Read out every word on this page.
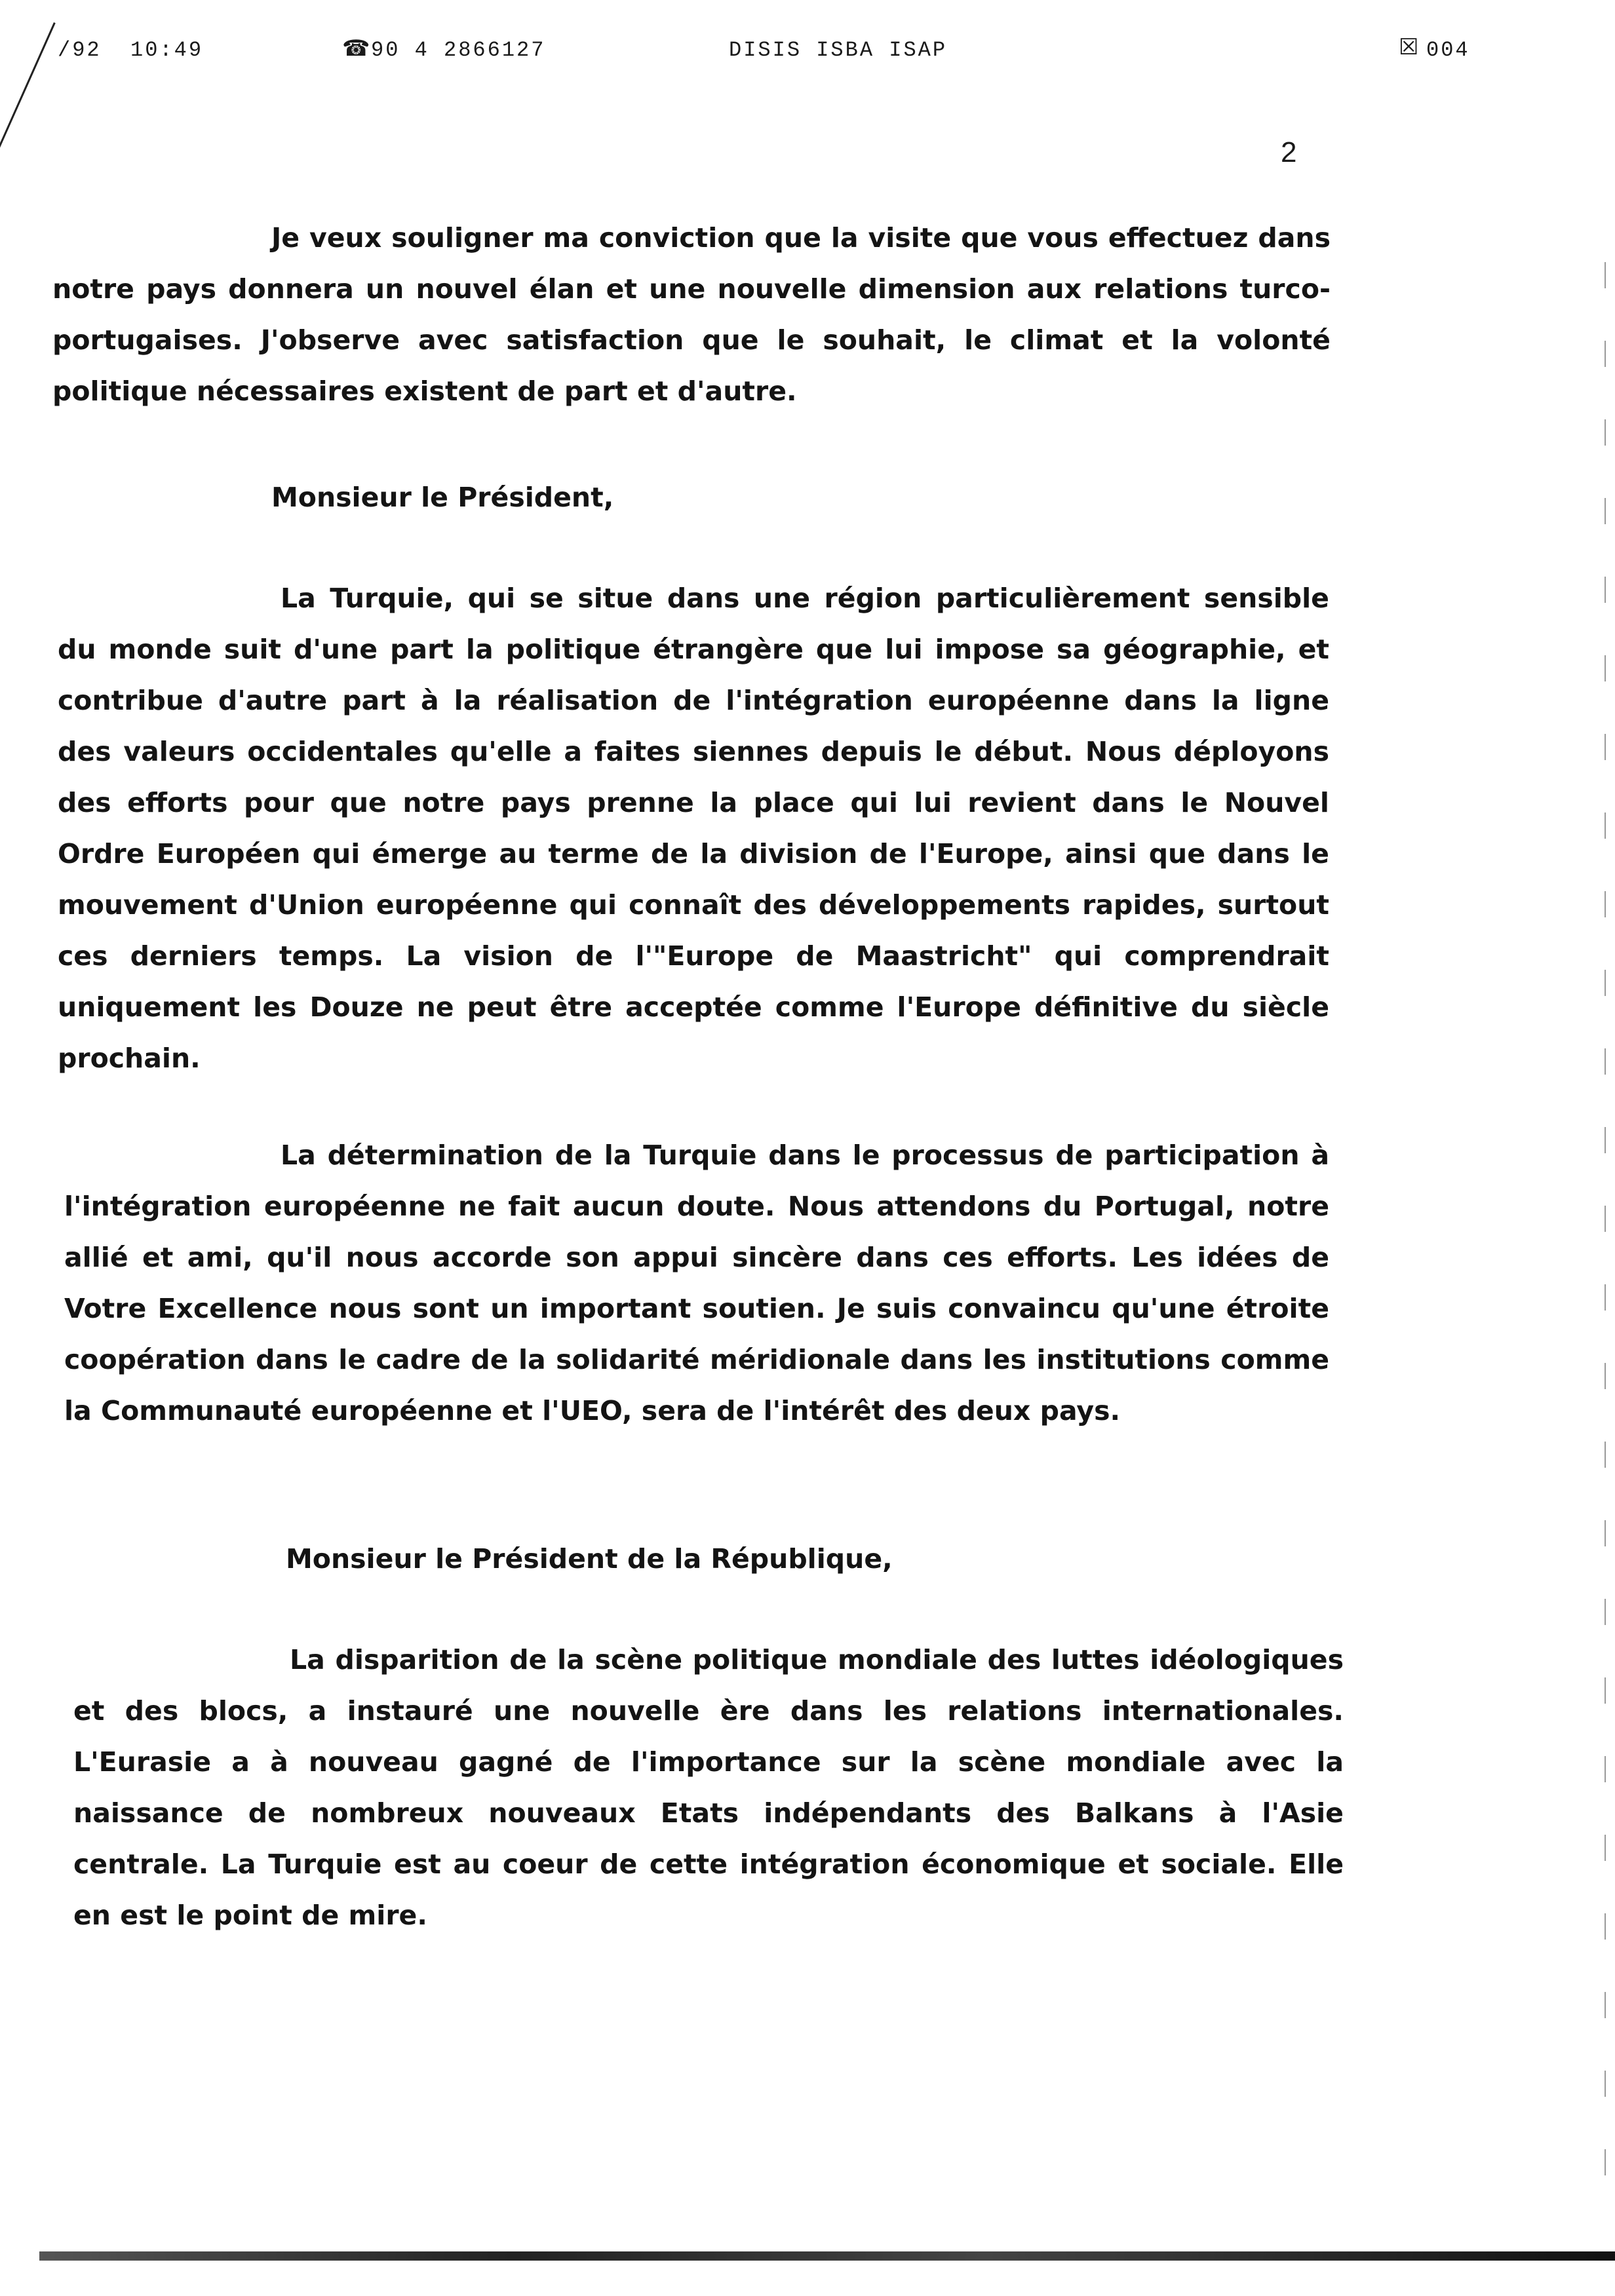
/92  10:49	☎
90 4 2866127	DISIS ISBA ISAP	☒ 004
2

Je veux souligner ma conviction que la visite que vous effectuez dans notre pays donnera un nouvel élan et une nouvelle dimension aux relations turco-portugaises. J'observe avec satisfaction que le souhait, le climat et la volonté politique nécessaires existent de part et d'autre.

Monsieur le Président,

La Turquie, qui se situe dans une région particulièrement sensible du monde suit d'une part la politique étrangère que lui impose sa géographie, et contribue d'autre part à la réalisation de l'intégration européenne dans la ligne des valeurs occidentales qu'elle a faites siennes depuis le début. Nous déployons des efforts pour que notre pays prenne la place qui lui revient dans le Nouvel Ordre Européen qui émerge au terme de la division de l'Europe, ainsi que dans le mouvement d'Union européenne qui connaît des développements rapides, surtout ces derniers temps. La vision de l'"Europe de Maastricht" qui comprendrait uniquement les Douze ne peut être acceptée comme l'Europe définitive du siècle prochain.

La détermination de la Turquie dans le processus de participation à l'intégration européenne ne fait aucun doute. Nous attendons du Portugal, notre allié et ami, qu'il nous accorde son appui sincère dans ces efforts. Les idées de Votre Excellence nous sont un important soutien. Je suis convaincu qu'une étroite coopération dans le cadre de la solidarité méridionale dans les institutions comme la Communauté européenne et l'UEO, sera de l'intérêt des deux pays.

Monsieur le Président de la République,

La disparition de la scène politique mondiale des luttes idéologiques et des blocs, a instauré une nouvelle ère dans les relations internationales. L'Eurasie a à nouveau gagné de l'importance sur la scène mondiale avec la naissance de nombreux nouveaux Etats indépendants des Balkans à l'Asie centrale. La Turquie est au coeur de cette intégration économique et sociale. Elle en est le point de mire.
